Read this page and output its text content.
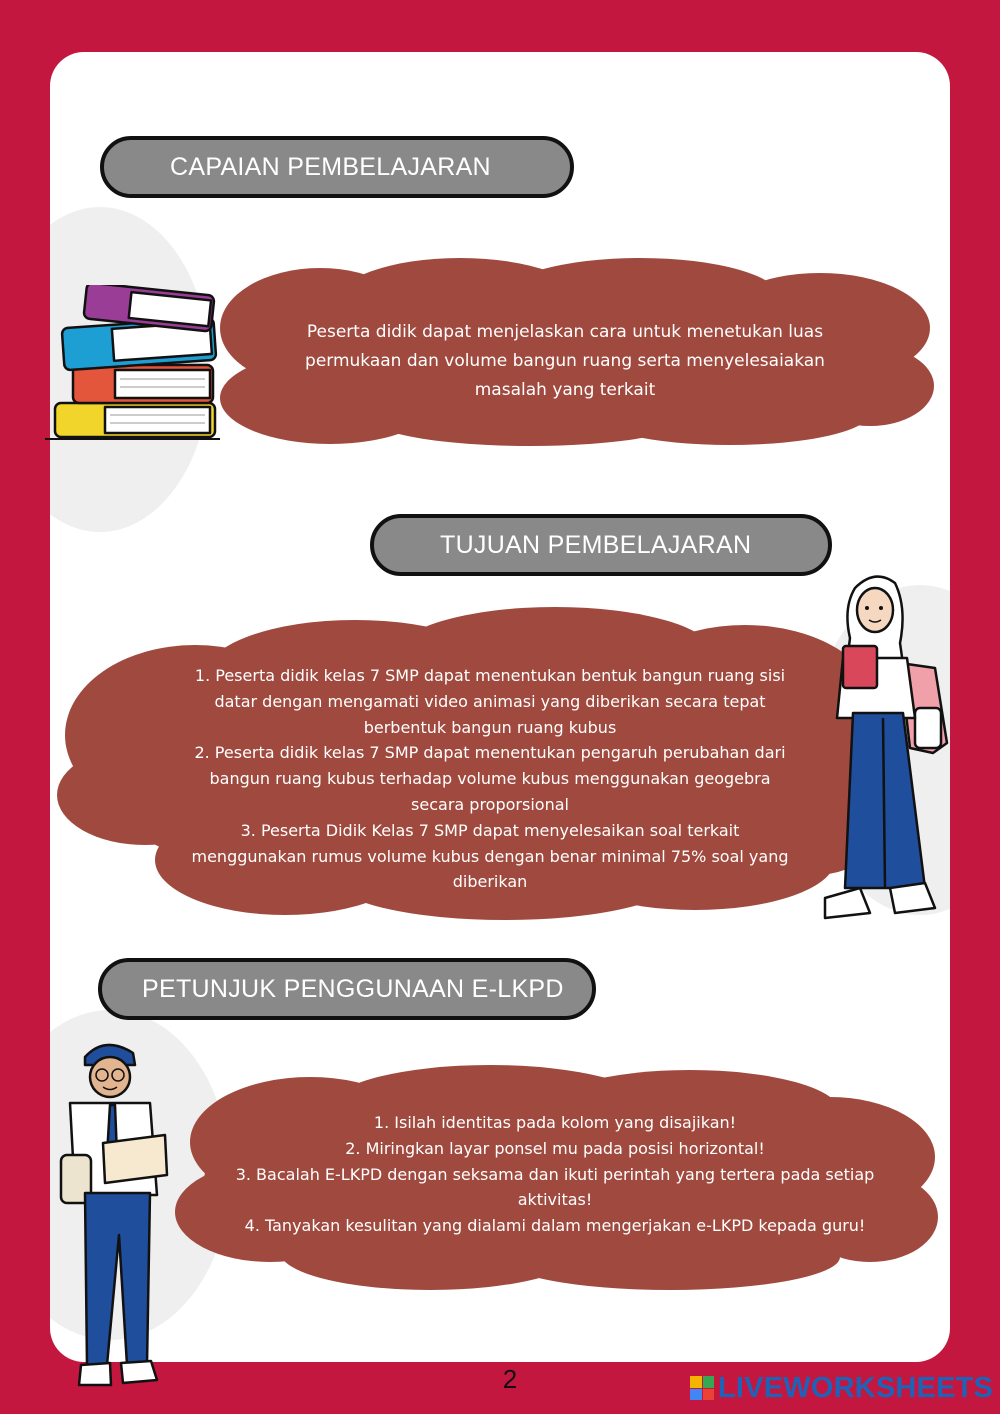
CAPAIAN PEMBELAJARAN
Peserta didik dapat menjelaskan cara untuk menetukan luas
permukaan dan volume bangun ruang serta menyelesaiakan
masalah yang terkait
TUJUAN PEMBELAJARAN
1. Peserta didik kelas 7 SMP dapat menentukan bentuk bangun ruang sisi
datar dengan mengamati video animasi yang diberikan secara tepat
berbentuk bangun ruang kubus
2. Peserta didik kelas 7 SMP dapat menentukan pengaruh perubahan dari
bangun ruang kubus terhadap volume kubus menggunakan geogebra
secara proporsional
3. Peserta Didik Kelas 7 SMP dapat menyelesaikan soal terkait
menggunakan rumus volume kubus dengan benar minimal 75% soal yang
diberikan
PETUNJUK PENGGUNAAN E-LKPD
1. Isilah identitas pada kolom yang disajikan!
2. Miringkan layar ponsel mu pada posisi horizontal!
3. Bacalah E-LKPD dengan seksama dan ikuti perintah yang tertera pada setiap
aktivitas!
4. Tanyakan kesulitan yang dialami dalam mengerjakan e-LKPD kepada guru!
2	LIVEWORKSHEETS
